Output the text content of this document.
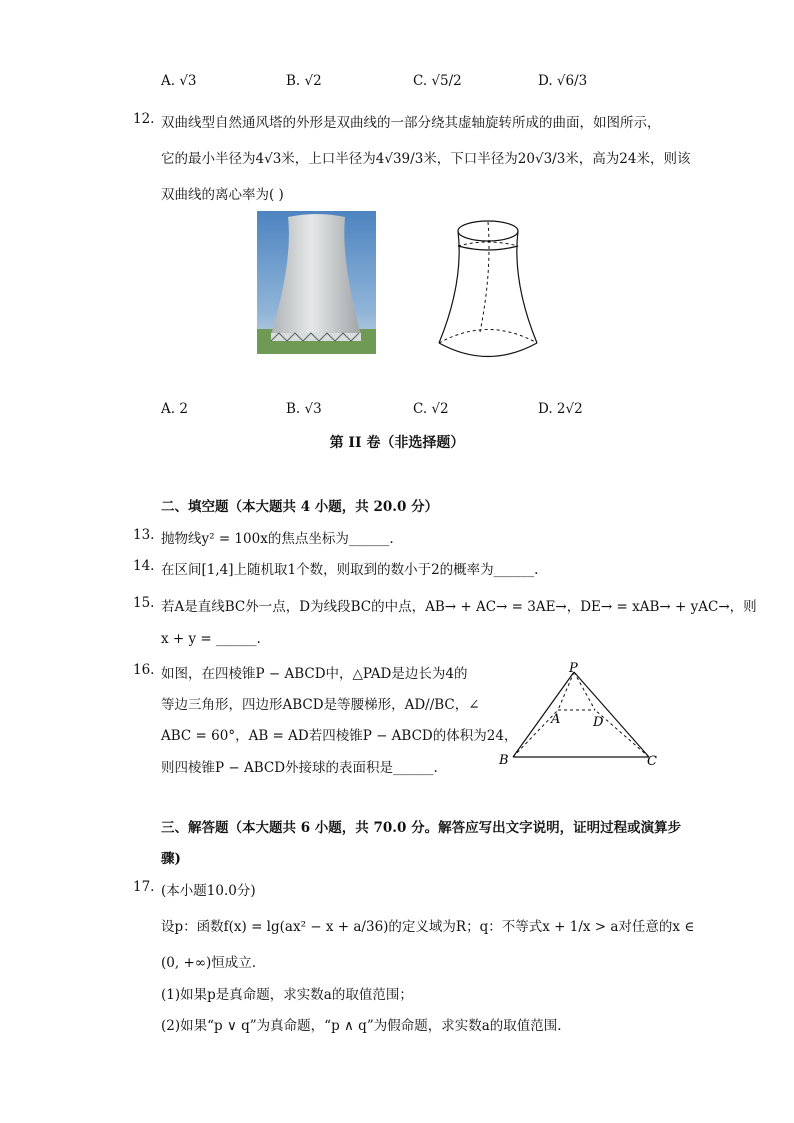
A. √3	B. √2	C. √5/2	D. √6/3
12. 双曲线型自然通风塔的外形是双曲线的一部分绕其虚轴旋转所成的曲面，如图所示，
它的最小半径为4√3米，上口半径为4√39/3米，下口半径为20√3/3米，高为24米，则该
双曲线的离心率为( )
A. 2	B. √3	C. √2	D. 2√2
第 II 卷（非选择题）
二、填空题（本大题共 4 小题，共 20.0 分）
13. 抛物线y² = 100x的焦点坐标为______.
14. 在区间[1,4]上随机取1个数，则取到的数小于2的概率为______.
15. 若A是直线BC外一点，D为线段BC的中点，AB→ + AC→ = 3AE→，DE→ = xAB→ + yAC→，则
x + y = ______.
16. 如图，在四棱锥P − ABCD中，△PAD是边长为4的
等边三角形，四边形ABCD是等腰梯形，AD//BC，∠
ABC = 60°，AB = AD若四棱锥P − ABCD的体积为24，
则四棱锥P − ABCD外接球的表面积是______.
P
A	D
B	C
三、解答题（本大题共 6 小题，共 70.0 分。解答应写出文字说明，证明过程或演算步
骤)
17. (本小题10.0分)
设p：函数f(x) = lg(ax² − x + a/36)的定义域为R；q：不等式x + 1/x > a对任意的x ∈
(0, +∞)恒成立.
(1)如果p是真命题，求实数a的取值范围；
(2)如果“p ∨ q”为真命题，“p ∧ q”为假命题，求实数a的取值范围.
